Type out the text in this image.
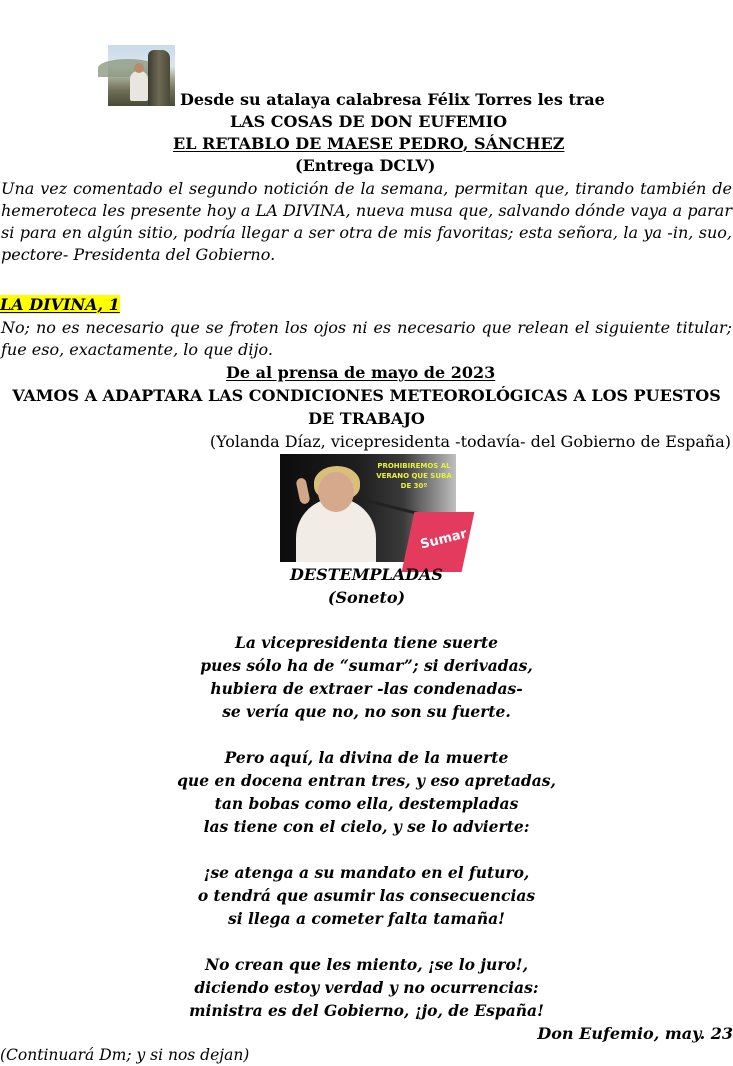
Desde su atalaya calabresa Félix Torres les trae
LAS COSAS DE DON EUFEMIO
EL RETABLO DE MAESE PEDRO, SÁNCHEZ
(Entrega DCLV)
Una vez comentado el segundo notición de la semana, permitan que, tirando también de hemeroteca les presente hoy a LA DIVINA, nueva musa que, salvando dónde vaya a parar si para en algún sitio, podría llegar a ser otra de mis favoritas; esta señora, la ya -in, suo, pectore- Presidenta del Gobierno.
LA DIVINA, 1
No; no es necesario que se froten los ojos ni es necesario que relean el siguiente titular; fue eso, exactamente, lo que dijo.
De al prensa de mayo de 2023
VAMOS A ADAPTARA LAS CONDICIONES METEOROLÓGICAS A LOS PUESTOS
DE TRABAJO
(Yolanda Díaz, vicepresidenta -todavía- del Gobierno de España)
Sumar
PROHIBIREMOS AL
VERANO QUE SUBA
DE 30º
DESTEMPLADAS
(Soneto)
La vicepresidenta tiene suerte
pues sólo ha de “sumar”; si derivadas,
hubiera de extraer -las condenadas-
se vería que no, no son su fuerte.
Pero aquí, la divina de la muerte
que en docena entran tres, y eso apretadas,
tan bobas como ella, destempladas
las tiene con el cielo, y se lo advierte:
¡se atenga a su mandato en el futuro,
o tendrá que asumir las consecuencias
si llega a cometer falta tamaña!
No crean que les miento, ¡se lo juro!,
diciendo estoy verdad y no ocurrencias:
ministra es del Gobierno, ¡jo, de España!
Don Eufemio, may. 23
(Continuará Dm; y si nos dejan)
